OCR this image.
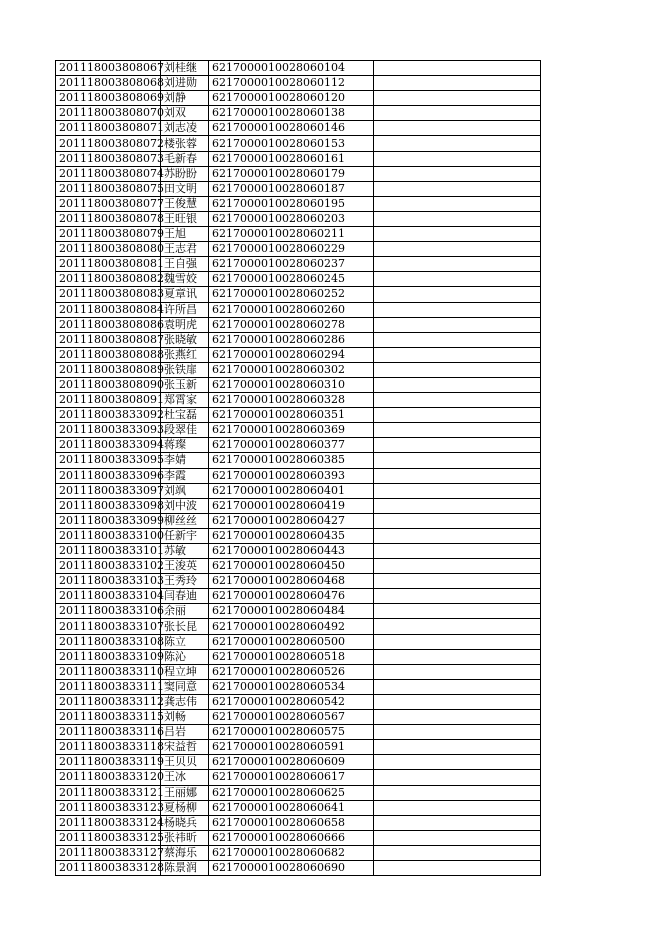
201118003808067	刘桂继	6217000010028060104	
201118003808068	刘进勋	6217000010028060112	
201118003808069	刘静	6217000010028060120	
201118003808070	刘双	6217000010028060138	
201118003808071	刘志凌	6217000010028060146	
201118003808072	楼张蓉	6217000010028060153	
201118003808073	毛新春	6217000010028060161	
201118003808074	苏盼盼	6217000010028060179	
201118003808075	田文明	6217000010028060187	
201118003808077	王俊慧	6217000010028060195	
201118003808078	王旺银	6217000010028060203	
201118003808079	王旭	6217000010028060211	
201118003808080	王志君	6217000010028060229	
201118003808081	王自强	6217000010028060237	
201118003808082	魏雪姣	6217000010028060245	
201118003808083	夏章讯	6217000010028060252	
201118003808084	许所昌	6217000010028060260	
201118003808086	袁明虎	6217000010028060278	
201118003808087	张晓敏	6217000010028060286	
201118003808088	张燕红	6217000010028060294	
201118003808089	张铁扉	6217000010028060302	
201118003808090	张玉新	6217000010028060310	
201118003808091	郑霄家	6217000010028060328	
201118003833092	杜宝磊	6217000010028060351	
201118003833093	段翠佳	6217000010028060369	
201118003833094	蒋璨	6217000010028060377	
201118003833095	李婧	6217000010028060385	
201118003833096	李霞	6217000010028060393	
201118003833097	刘飒	6217000010028060401	
201118003833098	刘中波	6217000010028060419	
201118003833099	柳丝丝	6217000010028060427	
201118003833100	任新宇	6217000010028060435	
201118003833101	苏敏	6217000010028060443	
201118003833102	王浚英	6217000010028060450	
201118003833103	王秀玲	6217000010028060468	
201118003833104	闫春迪	6217000010028060476	
201118003833106	余丽	6217000010028060484	
201118003833107	张长昆	6217000010028060492	
201118003833108	陈立	6217000010028060500	
201118003833109	陈沁	6217000010028060518	
201118003833110	程立坤	6217000010028060526	
201118003833111	窦同意	6217000010028060534	
201118003833112	龚志伟	6217000010028060542	
201118003833115	刘畅	6217000010028060567	
201118003833116	吕岩	6217000010028060575	
201118003833118	宋益哲	6217000010028060591	
201118003833119	王贝贝	6217000010028060609	
201118003833120	王冰	6217000010028060617	
201118003833121	王丽娜	6217000010028060625	
201118003833123	夏杨柳	6217000010028060641	
201118003833124	杨晓兵	6217000010028060658	
201118003833125	张祎昕	6217000010028060666	
201118003833127	蔡海乐	6217000010028060682	
201118003833128	陈景润	6217000010028060690	
